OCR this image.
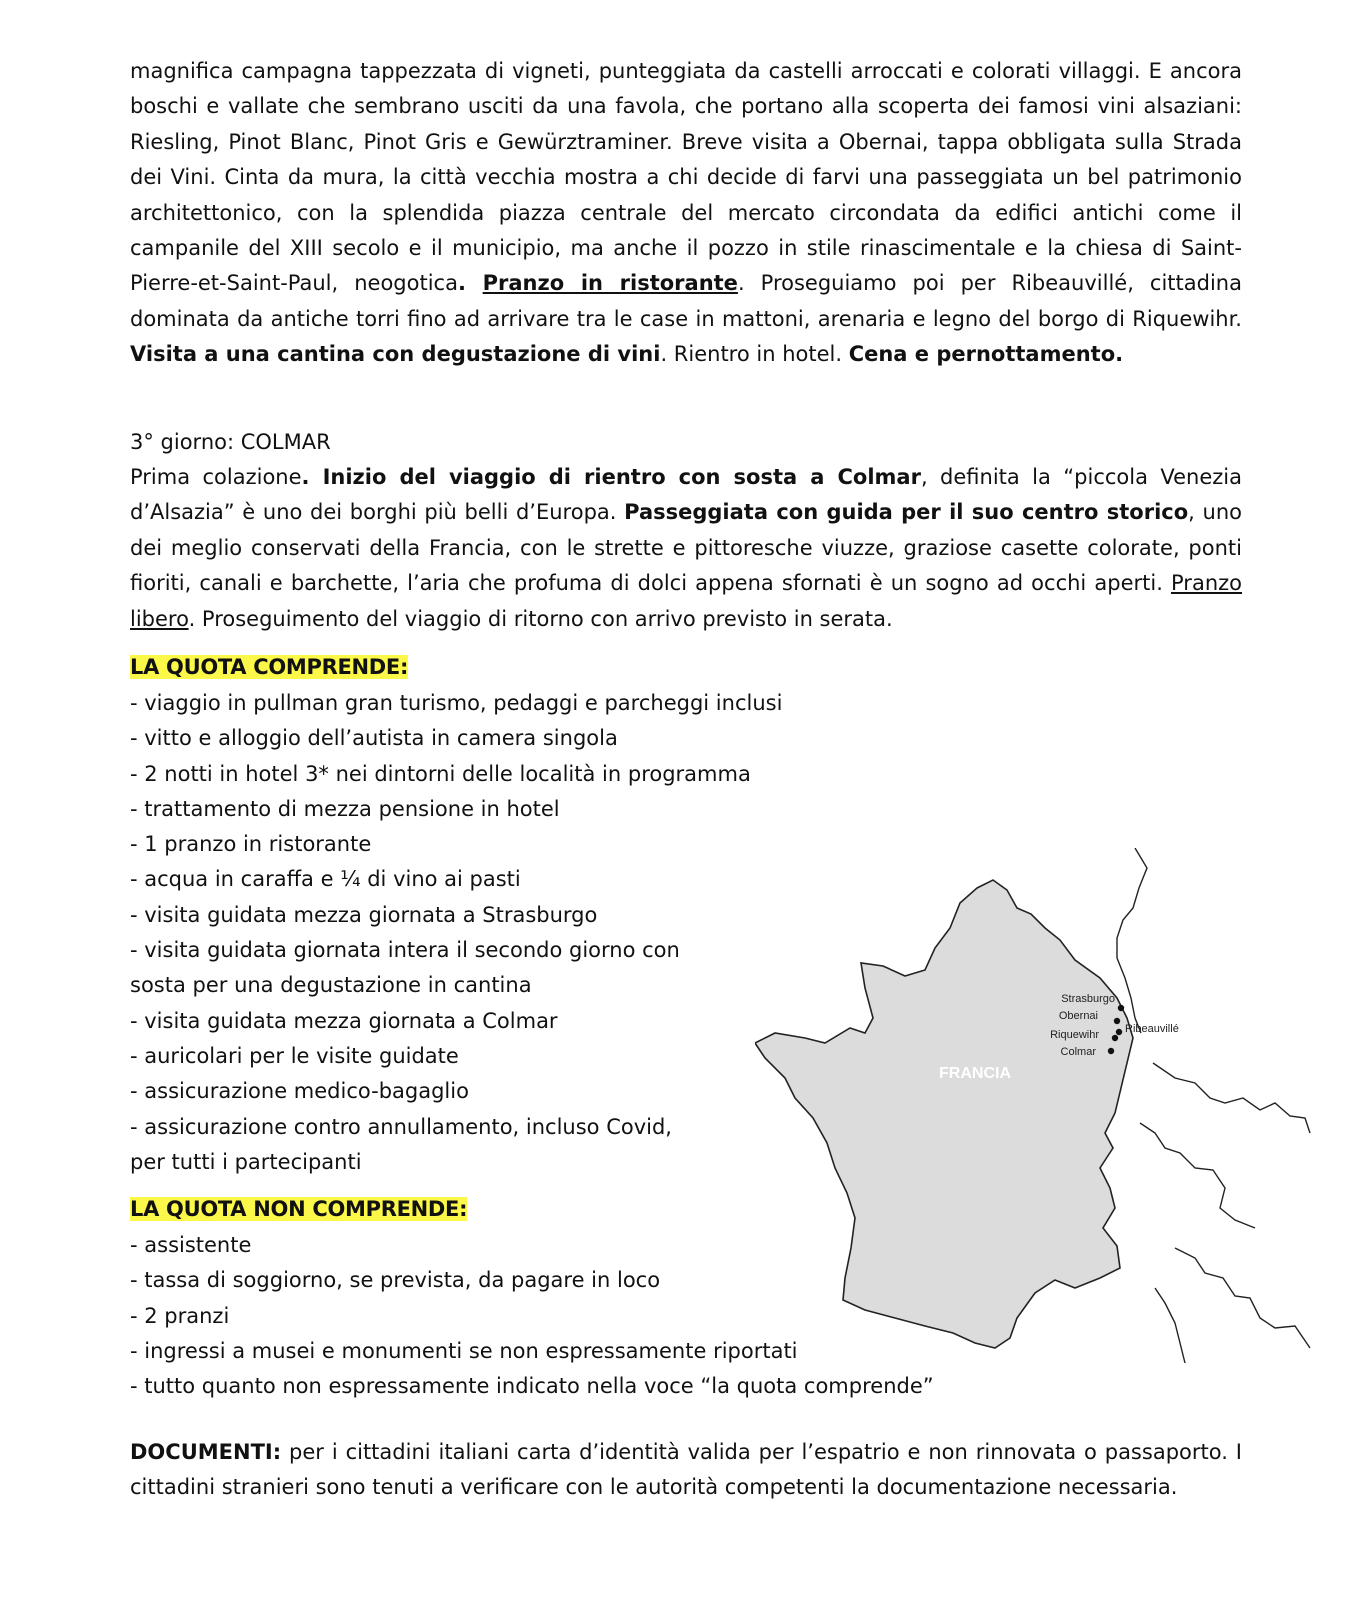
magnifica campagna tappezzata di vigneti, punteggiata da castelli arroccati e colorati villaggi. E ancora boschi e vallate che sembrano usciti da una favola, che portano alla scoperta dei famosi vini alsaziani: Riesling, Pinot Blanc, Pinot Gris e Gewürztraminer. Breve visita a Obernai, tappa obbligata sulla Strada dei Vini. Cinta da mura, la città vecchia mostra a chi decide di farvi una passeggiata un bel patrimonio architettonico, con la splendida piazza centrale del mercato circondata da edifici antichi come il campanile del XIII secolo e il municipio, ma anche il pozzo in stile rinascimentale e la chiesa di Saint-Pierre-et-Saint-Paul, neogotica. Pranzo in ristorante. Proseguiamo poi per Ribeauvillé, cittadina dominata da antiche torri fino ad arrivare tra le case in mattoni, arenaria e legno del borgo di Riquewihr. Visita a una cantina con degustazione di vini. Rientro in hotel. Cena e pernottamento.

3° giorno: COLMAR

Prima colazione. Inizio del viaggio di rientro con sosta a Colmar, definita la “piccola Venezia d’Alsazia” è uno dei borghi più belli d’Europa. Passeggiata con guida per il suo centro storico, uno dei meglio conservati della Francia, con le strette e pittoresche viuzze, graziose casette colorate, ponti fioriti, canali e barchette, l’aria che profuma di dolci appena sfornati è un sogno ad occhi aperti. Pranzo libero. Proseguimento del viaggio di ritorno con arrivo previsto in serata.

LA QUOTA COMPRENDE:

- viaggio in pullman gran turismo, pedaggi e parcheggi inclusi
- vitto e alloggio dell’autista in camera singola
- 2 notti in hotel 3* nei dintorni delle località in programma
- trattamento di mezza pensione in hotel
- 1 pranzo in ristorante
- acqua in caraffa e ¼ di vino ai pasti
- visita guidata mezza giornata a Strasburgo
- visita guidata giornata intera il secondo giorno con
sosta per una degustazione in cantina
- visita guidata mezza giornata a Colmar
- auricolari per le visite guidate
- assicurazione medico-bagaglio
- assicurazione contro annullamento, incluso Covid,
per tutti i partecipanti

LA QUOTA NON COMPRENDE:

- assistente
- tassa di soggiorno, se prevista, da pagare in loco
- 2 pranzi
- ingressi a musei e monumenti se non espressamente riportati
- tutto quanto non espressamente indicato nella voce “la quota comprende”

DOCUMENTI: per i cittadini italiani carta d’identità valida per l’espatrio e non rinnovata o passaporto. I cittadini stranieri sono tenuti a verificare con le autorità competenti la documentazione necessaria.

FRANCIA
Strasburgo
Obernai
Riquewihr Ribeauvillé
Colmar
